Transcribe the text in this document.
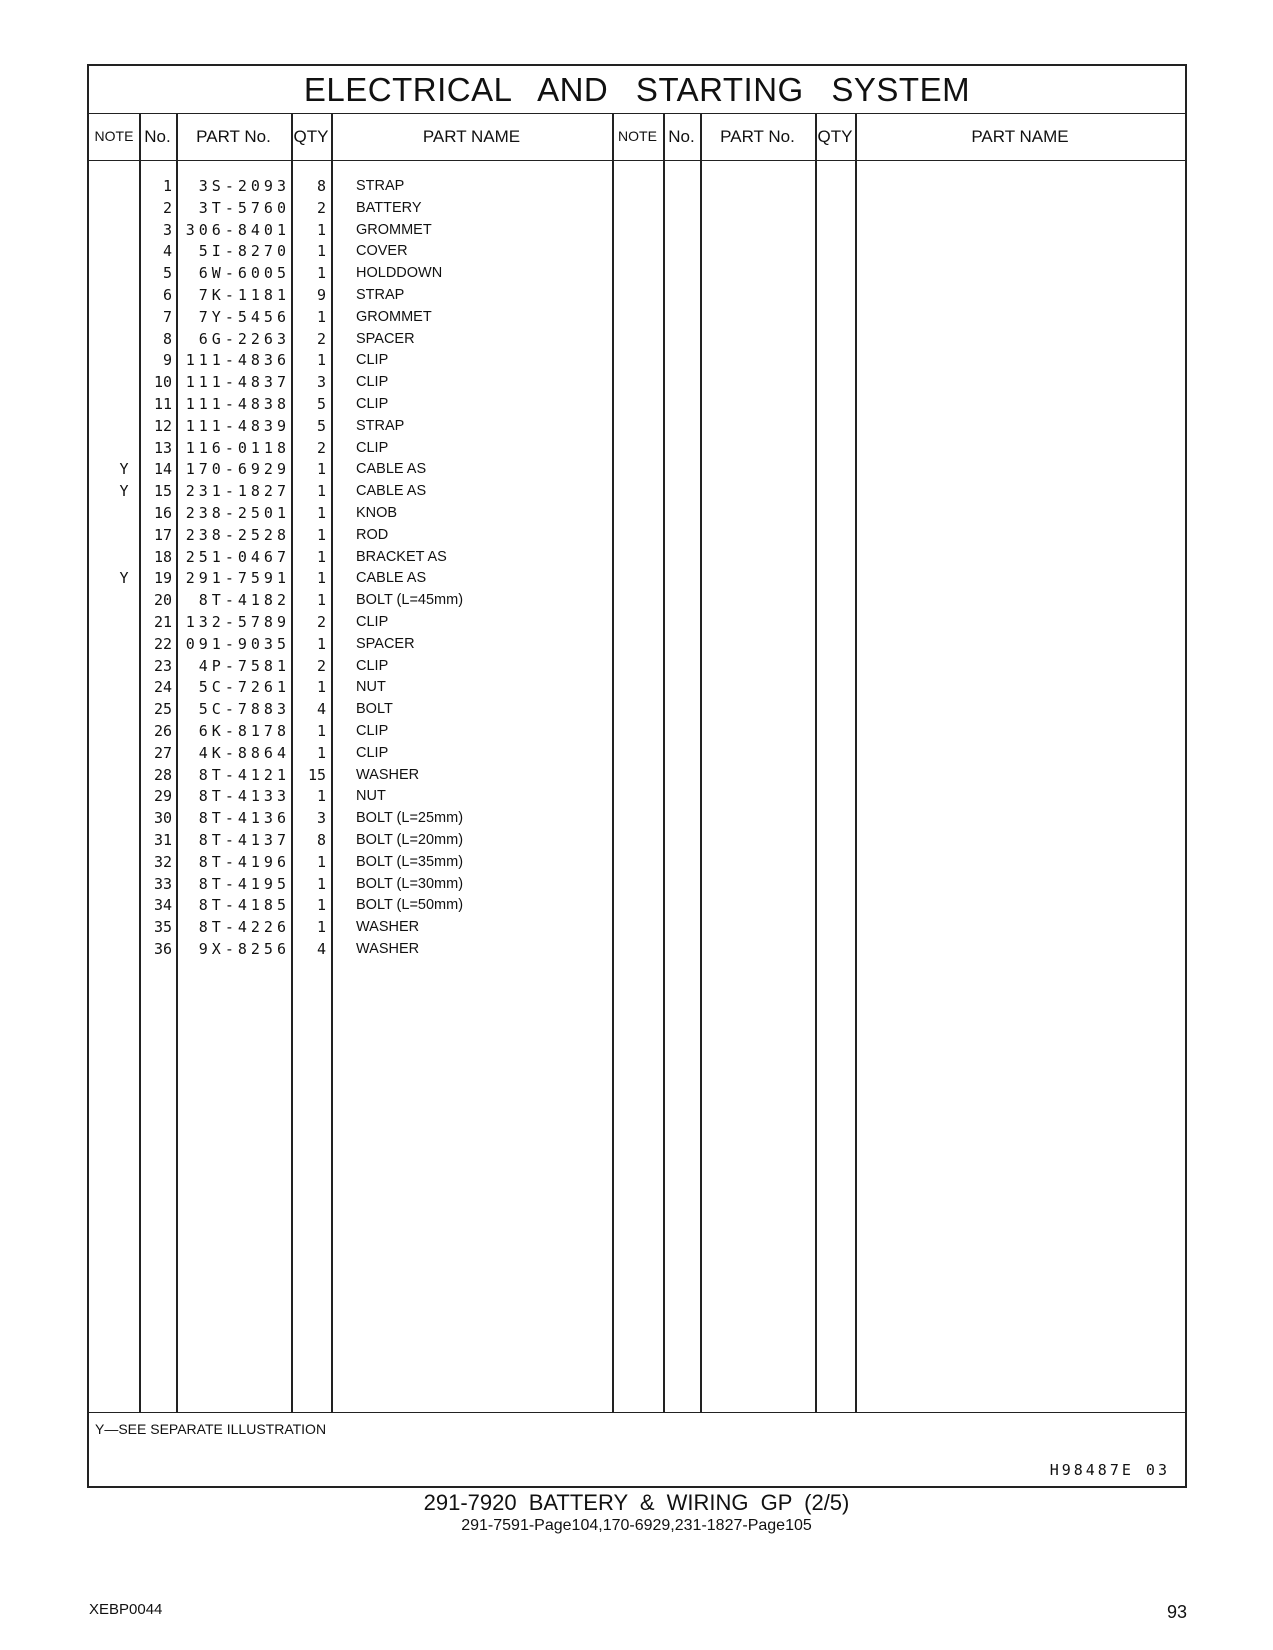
ELECTRICAL AND STARTING SYSTEM
NOTE No.	PART No.	QTY	PART NAME	NOTE No.	PART No.	QTY	PART NAME
1	3S-2093	8 STRAP
2	3T-5760	2 BATTERY
3 306-8401	1 GROMMET
4	5I-8270	1 COVER
5	6W-6005	1 HOLDDOWN
6	7K-1181	9 STRAP
7	7Y-5456	1 GROMMET
8	6G-2263	2 SPACER
9 111-4836	1 CLIP
10 111-4837	3 CLIP
11 111-4838	5 CLIP
12 111-4839	5 STRAP
13 116-0118	2 CLIP
Y	14 170-6929	1 CABLE AS
Y	15 231-1827	1 CABLE AS
16 238-2501	1 KNOB
17 238-2528	1 ROD
18 251-0467	1 BRACKET AS
Y	19 291-7591	1 CABLE AS
20	8T-4182	1 BOLT (L=45mm)
21 132-5789	2 CLIP
22 091-9035	1 SPACER
23	4P-7581	2 CLIP
24	5C-7261	1 NUT
25	5C-7883	4 BOLT
26	6K-8178	1 CLIP
27	4K-8864	1 CLIP
28	8T-4121 15 WASHER
29	8T-4133	1 NUT
30	8T-4136	3 BOLT (L=25mm)
31	8T-4137	8 BOLT (L=20mm)
32	8T-4196	1 BOLT (L=35mm)
33	8T-4195	1 BOLT (L=30mm)
34	8T-4185	1 BOLT (L=50mm)
35	8T-4226	1 WASHER
36	9X-8256	4 WASHER
Y—SEE SEPARATE ILLUSTRATION
H98487E 03
291-7920 BATTERY & WIRING GP (2/5)
291-7591-Page104,170-6929,231-1827-Page105
XEBP0044	93
